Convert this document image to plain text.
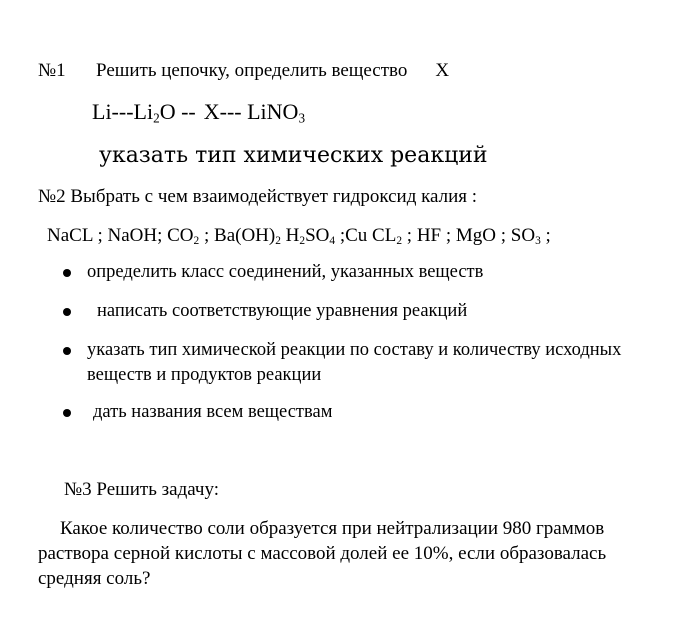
№1 Решить цепочку, определить вещество X
$Li---Li_2O -- X---$ LiNO$_3$
указать тип химических реакций
№2 Выбрать с чем взаимодействует гидроксид калия :
NaCL ; NaOH; $CO_2$ ; $Ba(OH)_2$ $H_2SO_4$ ;Cu $CL_2$ ; HF ; MgO ; $SO_3$ ;
определить класс соединений, указанных веществ
написать соответствующие уравнения реакций
указать тип химической реакции по составу и количеству исходных веществ и продуктов реакции
дать названия всем веществам
№3 Решить задачу:
Какое количество соли образуется при нейтрализации 980 граммов раствора серной кислоты с массовой долей ее 10%, если образовалась средняя соль?
